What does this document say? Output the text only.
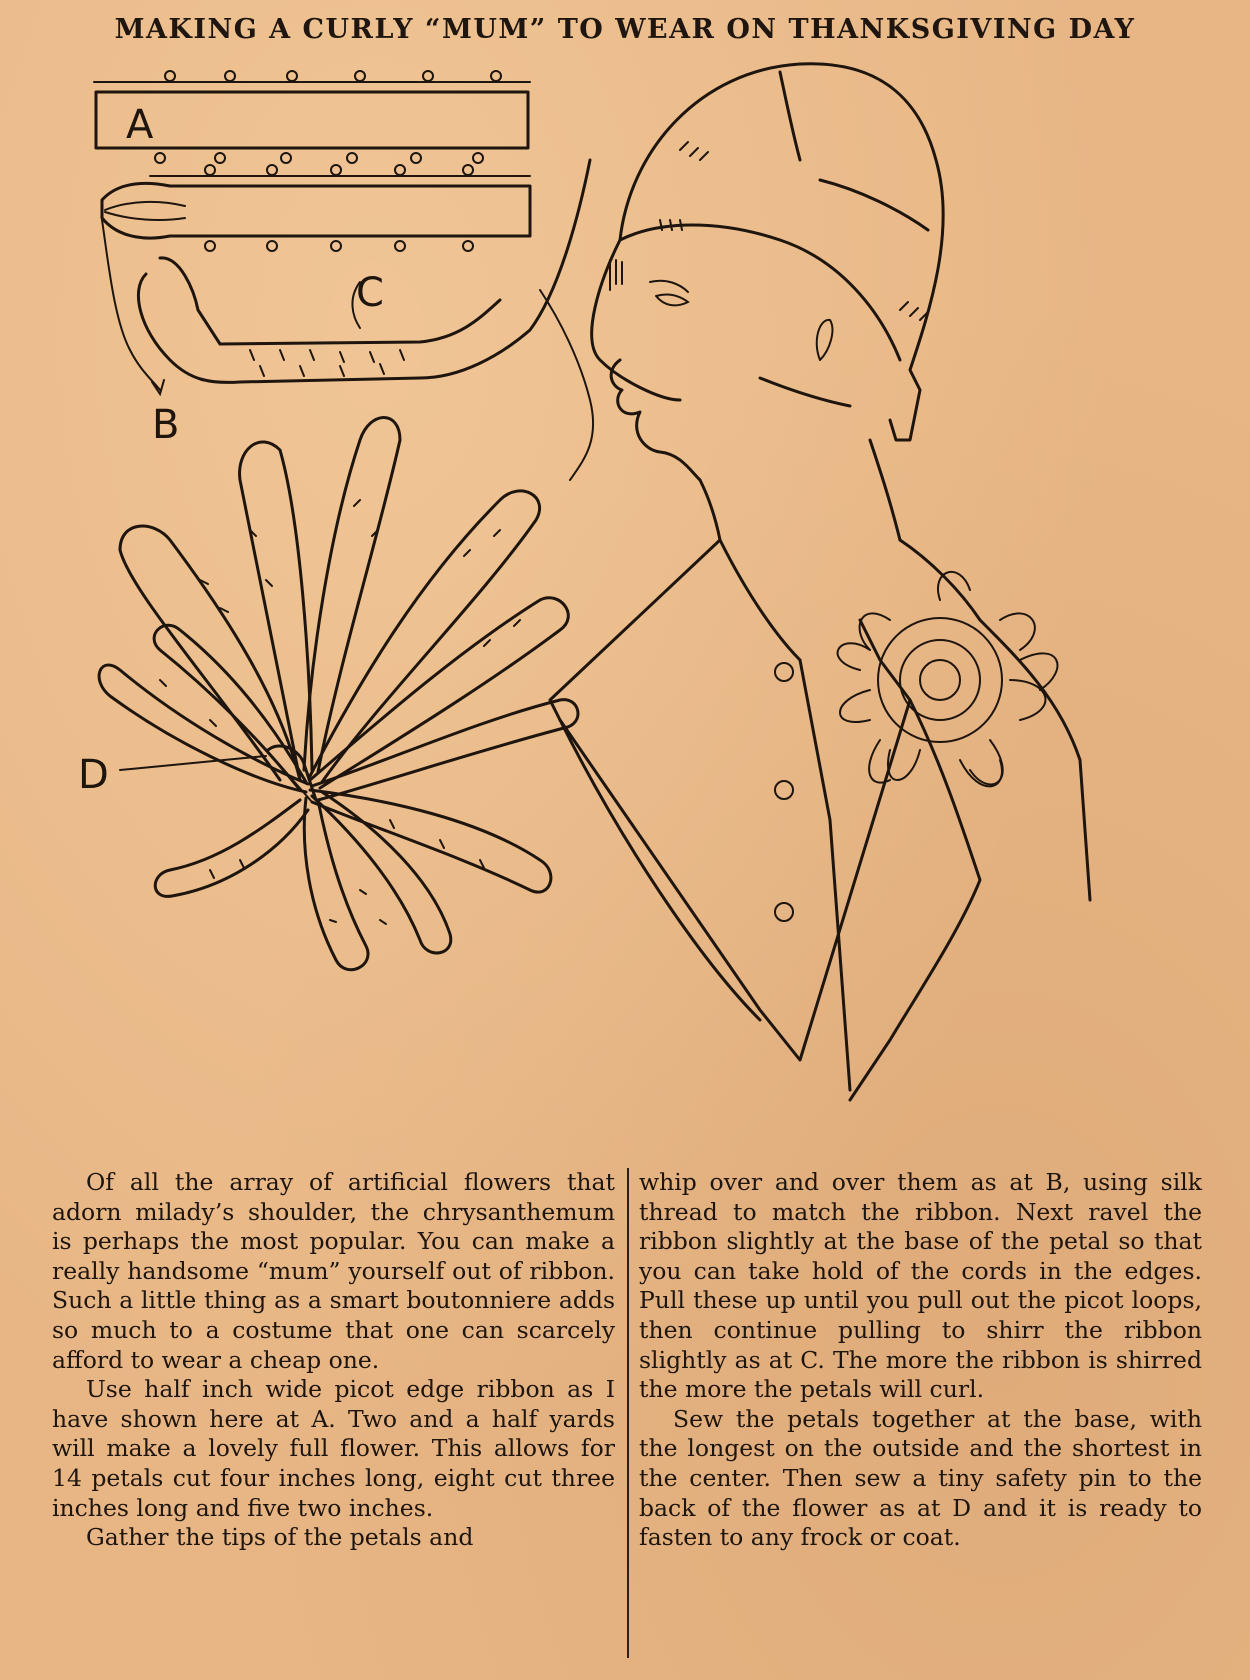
MAKING A CURLY “MUM” TO WEAR ON THANKSGIVING DAY
A
B
C
D

Of all the array of artificial flowers that adorn milady’s shoulder, the chrysanthemum is perhaps the most popular. You can make a really handsome “mum” yourself out of ribbon. Such a little thing as a smart boutonniere adds so much to a costume that one can scarcely afford to wear a cheap one.

Use half inch wide picot edge ribbon as I have shown here at A. Two and a half yards will make a lovely full flower. This allows for 14 petals cut four inches long, eight cut three inches long and five two inches.

Gather the tips of the petals and

whip over and over them as at B, using silk thread to match the ribbon. Next ravel the ribbon slightly at the base of the petal so that you can take hold of the cords in the edges. Pull these up until you pull out the picot loops, then continue pulling to shirr the ribbon slightly as at C. The more the ribbon is shirred the more the petals will curl.

Sew the petals together at the base, with the longest on the outside and the shortest in the center. Then sew a tiny safety pin to the back of the flower as at D and it is ready to fasten to any frock or coat.
